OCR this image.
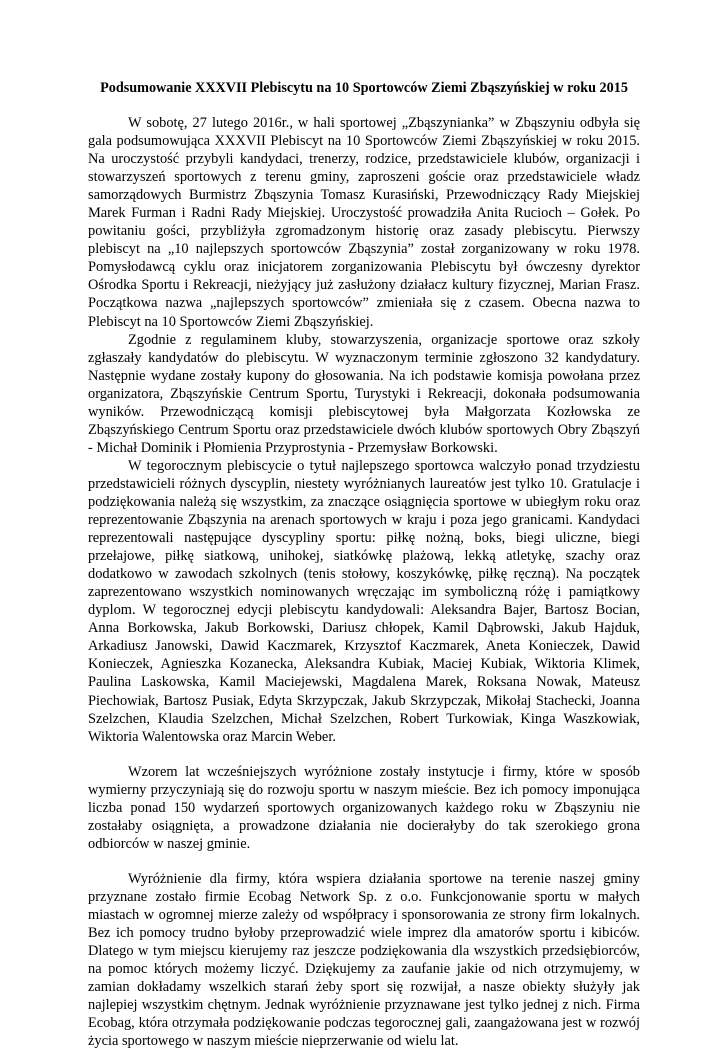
Podsumowanie XXXVII Plebiscytu na 10 Sportowców Ziemi Zbąszyńskiej w roku 2015

W sobotę, 27 lutego 2016r., w hali sportowej „Zbąszynianka” w Zbąszyniu odbyła się gala podsumowująca XXXVII Plebiscyt na 10 Sportowców Ziemi Zbąszyńskiej w roku 2015. Na uroczystość przybyli kandydaci, trenerzy, rodzice, przedstawiciele klubów, organizacji i stowarzyszeń sportowych z terenu gminy, zaproszeni goście oraz przedstawiciele władz samorządowych Burmistrz Zbąszynia Tomasz Kurasiński, Przewodniczący Rady Miejskiej Marek Furman i Radni Rady Miejskiej. Uroczystość prowadziła Anita Rucioch – Gołek. Po powitaniu gości, przybliżyła zgromadzonym historię oraz zasady plebiscytu. Pierwszy plebiscyt na „10 najlepszych sportowców Zbąszynia” został zorganizowany w roku 1978. Pomysłodawcą cyklu oraz inicjatorem zorganizowania Plebiscytu był ówczesny dyrektor Ośrodka Sportu i Rekreacji, nieżyjący już zasłużony działacz kultury fizycznej, Marian Frasz. Początkowa nazwa „najlepszych sportowców” zmieniała się z czasem. Obecna nazwa to Plebiscyt na 10 Sportowców Ziemi Zbąszyńskiej.

Zgodnie z regulaminem kluby, stowarzyszenia, organizacje sportowe oraz szkoły zgłaszały kandydatów do plebiscytu. W wyznaczonym terminie zgłoszono 32 kandydatury. Następnie wydane zostały kupony do głosowania. Na ich podstawie komisja powołana przez organizatora, Zbąszyńskie Centrum Sportu, Turystyki i Rekreacji, dokonała podsumowania wyników. Przewodniczącą komisji plebiscytowej była Małgorzata Kozłowska ze Zbąszyńskiego Centrum Sportu oraz przedstawiciele dwóch klubów sportowych Obry Zbąszyń - Michał Dominik i Płomienia Przyprostynia - Przemysław Borkowski.

W tegorocznym plebiscycie o tytuł najlepszego sportowca walczyło ponad trzydziestu przedstawicieli różnych dyscyplin, niestety wyróżnianych laureatów jest tylko 10. Gratulacje i podziękowania należą się wszystkim, za znaczące osiągnięcia sportowe w ubiegłym roku oraz reprezentowanie Zbąszynia na arenach sportowych w kraju i poza jego granicami. Kandydaci reprezentowali następujące dyscypliny sportu: piłkę nożną, boks, biegi uliczne, biegi przełajowe, piłkę siatkową, unihokej, siatkówkę plażową, lekką atletykę, szachy oraz dodatkowo w zawodach szkolnych (tenis stołowy, koszykówkę, piłkę ręczną). Na początek zaprezentowano wszystkich nominowanych wręczając im symboliczną różę i pamiątkowy dyplom. W tegorocznej edycji plebiscytu kandydowali: Aleksandra Bajer, Bartosz Bocian, Anna Borkowska, Jakub Borkowski, Dariusz chłopek, Kamil Dąbrowski, Jakub Hajduk, Arkadiusz Janowski, Dawid Kaczmarek, Krzysztof Kaczmarek, Aneta Konieczek, Dawid Konieczek, Agnieszka Kozanecka, Aleksandra Kubiak, Maciej Kubiak, Wiktoria Klimek, Paulina Laskowska, Kamil Maciejewski, Magdalena Marek, Roksana Nowak, Mateusz Piechowiak, Bartosz Pusiak, Edyta Skrzypczak, Jakub Skrzypczak, Mikołaj Stachecki, Joanna Szelzchen, Klaudia Szelzchen, Michał Szelzchen, Robert Turkowiak, Kinga Waszkowiak, Wiktoria Walentowska oraz Marcin Weber.

Wzorem lat wcześniejszych wyróżnione zostały instytucje i firmy, które w sposób wymierny przyczyniają się do rozwoju sportu w naszym mieście. Bez ich pomocy imponująca liczba ponad 150 wydarzeń sportowych organizowanych każdego roku w Zbąszyniu nie zostałaby osiągnięta, a prowadzone działania nie docierałyby do tak szerokiego grona odbiorców w naszej gminie.

Wyróżnienie dla firmy, która wspiera działania sportowe na terenie naszej gminy przyznane zostało firmie Ecobag Network Sp. z o.o. Funkcjonowanie sportu w małych miastach w ogromnej mierze zależy od współpracy i sponsorowania ze strony firm lokalnych. Bez ich pomocy trudno byłoby przeprowadzić wiele imprez dla amatorów sportu i kibiców. Dlatego w tym miejscu kierujemy raz jeszcze podziękowania dla wszystkich przedsiębiorców, na pomoc których możemy liczyć. Dziękujemy za zaufanie jakie od nich otrzymujemy, w zamian dokładamy wszelkich starań żeby sport się rozwijał, a nasze obiekty służyły jak najlepiej wszystkim chętnym. Jednak wyróżnienie przyznawane jest tylko jednej z nich. Firma Ecobag, która otrzymała podziękowanie podczas tegorocznej gali, zaangażowana jest w rozwój życia sportowego w naszym mieście nieprzerwanie od wielu lat.
